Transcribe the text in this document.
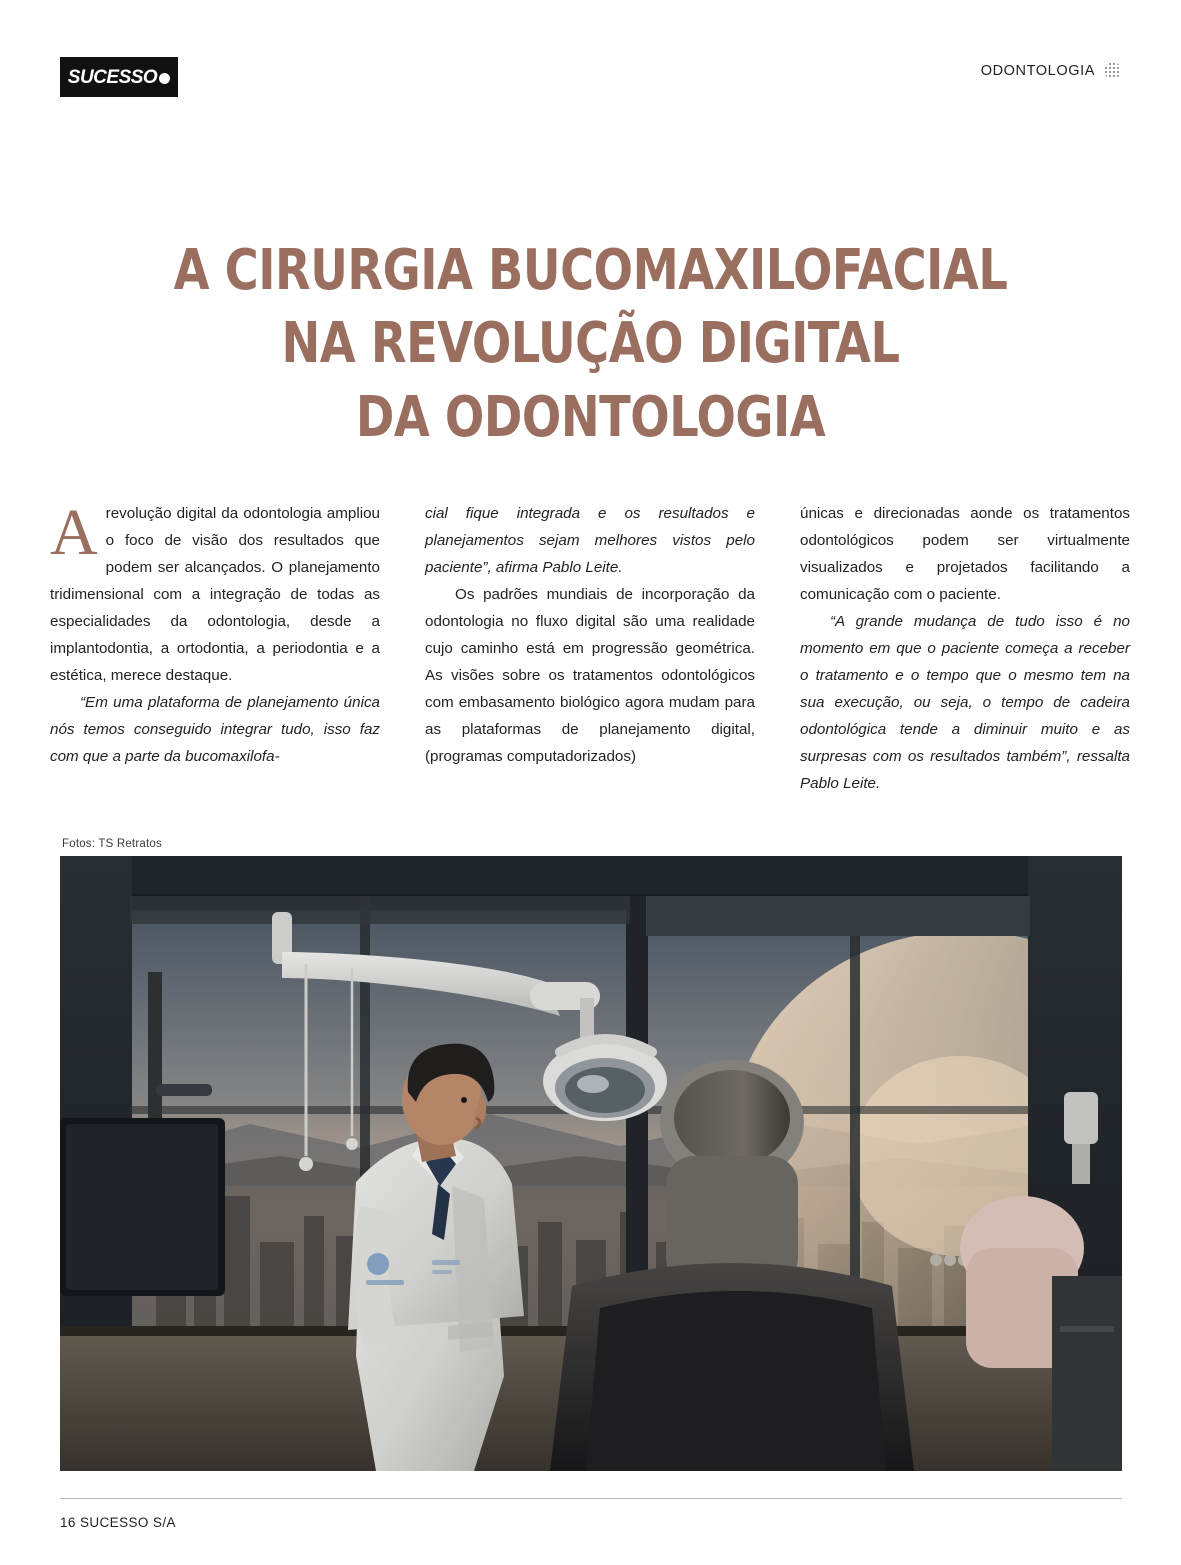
SUCESSO	ODONTOLOGIA
A CIRURGIA BUCOMAXILOFACIAL
NA REVOLUÇÃO DIGITAL
DA ODONTOLOGIA

Arevolução digital da odontologia ampliou o foco de visão dos resultados que podem ser alcançados. O planejamento tridimensional com a integração de todas as especialidades da odontologia, desde a implantodontia, a ortodontia, a periodontia e a estética, merece destaque.

“Em uma plataforma de planejamento única nós temos conseguido integrar tudo, isso faz com que a parte da bucomaxilofa-

cial fique integrada e os resultados e planejamentos sejam melhores vistos pelo paciente”, afirma Pablo Leite.

Os padrões mundiais de incorporação da odontologia no fluxo digital são uma realidade cujo caminho está em progressão geométrica. As visões sobre os tratamentos odontológicos com embasamento biológico agora mudam para as plataformas de planejamento digital, (programas computadorizados)

únicas e direcionadas aonde os tratamentos odontológicos podem ser virtualmente visualizados e projetados facilitando a comunicação com o paciente.

“A grande mudança de tudo isso é no momento em que o paciente começa a receber o tratamento e o tempo que o mesmo tem na sua execução, ou seja, o tempo de cadeira odontológica tende a diminuir muito e as surpresas com os resultados também”, ressalta Pablo Leite.

Fotos: TS Retratos
16 SUCESSO S/A
